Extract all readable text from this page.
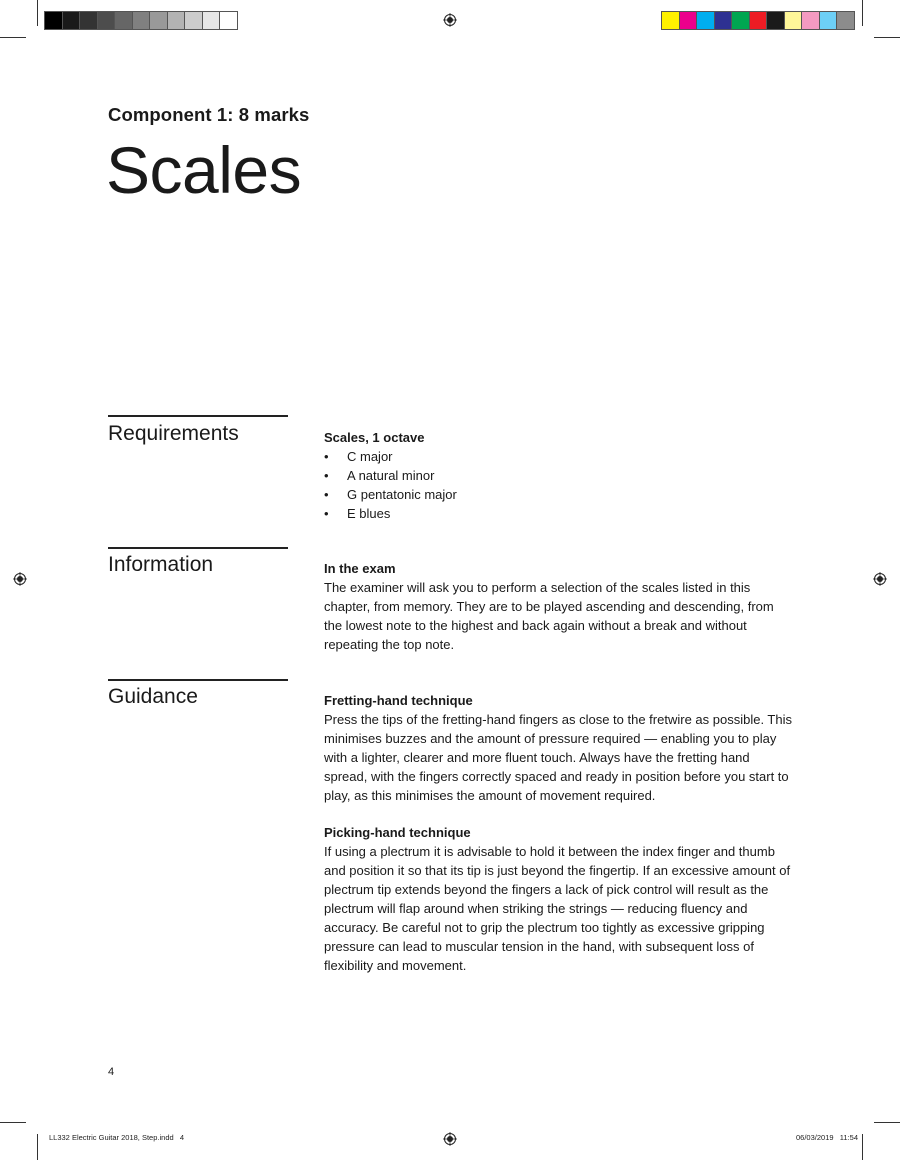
Component 1: 8 marks
Scales
Requirements	Scales, 1 octave
• C major
• A natural minor
• G pentatonic major
• E blues
Information	In the exam

The examiner will ask you to perform a selection of the scales listed in this chapter, from memory. They are to be played ascending and descending, from the lowest note to the highest and back again without a break and without repeating the top note.

Guidance	Fretting-hand technique

Press the tips of the fretting-hand fingers as close to the fretwire as possible. This minimises buzzes and the amount of pressure required — enabling you to play with a lighter, clearer and more fluent touch. Always have the fretting hand spread, with the fingers correctly spaced and ready in position before you start to play, as this minimises the amount of movement required.

Picking-hand technique

If using a plectrum it is advisable to hold it between the index finger and thumb and position it so that its tip is just beyond the fingertip. If an excessive amount of plectrum tip extends beyond the fingers a lack of pick control will result as the plectrum will flap around when striking the strings — reducing fluency and accuracy. Be careful not to grip the plectrum too tightly as excessive gripping pressure can lead to muscular tension in the hand, with subsequent loss of flexibility and movement.

4
LL332 Electric Guitar 2018, Step.indd   4	06/03/2019   11:54
